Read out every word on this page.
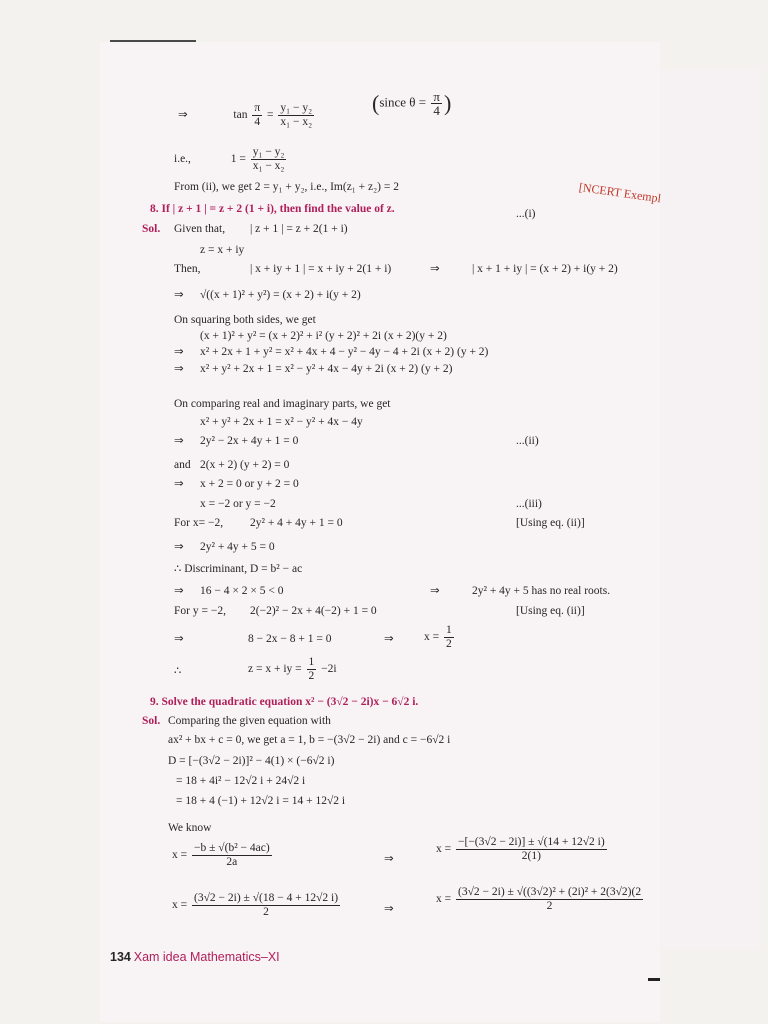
⇒	$\tan \frac{\pi}{4} = \frac{\text{y₁ − y₂}}{\text{x₁ − x₂}}$	(since $\theta = \frac{\pi}{4}$ )
i.e.,	$1 = \frac{\text{y₁ − y₂}}{\text{x₁ − x₂}}$
From (ii), we get 2 = y₁ + y₂, i.e., Im(z₁ + z₂) = 2	[NCERT Exempl
8. If | z + 1 | = z + 2 (1 + i), then find the value of z.	...(i)
Sol. Given that, | z + 1 | = z + 2(1 + i)
z = x + iy
Then,	| x + iy + 1 | = x + iy + 2(1 + i)	⇒	| x + 1 + iy | = (x + 2) + i(y + 2)
⇒ √((x + 1)² + y²) = (x + 2) + i(y + 2)
On squaring both sides, we get
(x + 1)² + y² = (x + 2)² + i² (y + 2)² + 2i (x + 2)(y + 2)
⇒ x² + 2x + 1 + y² = x² + 4x + 4 − y² − 4y − 4 + 2i (x + 2) (y + 2)
⇒ x² + y² + 2x + 1 = x² − y² + 4x − 4y + 2i (x + 2) (y + 2)
On comparing real and imaginary parts, we get
x² + y² + 2x + 1 = x² − y² + 4x − 4y
⇒ 2y² − 2x + 4y + 1 = 0	...(ii)
and 2(x + 2) (y + 2) = 0
⇒ x + 2 = 0 or y + 2 = 0
x = −2 or y = −2	...(iii)
For x= −2, 2y² + 4 + 4y + 1 = 0	[Using eq. (ii)]
⇒ 2y² + 4y + 5 = 0
∴ Discriminant, D = b² − ac
⇒ 16 − 4 × 2 × 5 < 0	⇒	2y² + 4y + 5 has no real roots.
For y = −2, 2(−2)² − 2x + 4(−2) + 1 = 0	[Using eq. (ii)]
⇒	8 − 2x − 8 + 1 = 0	⇒	$x = \frac{1}{2}$
∴	z = x + iy = $\frac{1}{2} -2i$
9. Solve the quadratic equation x² − (3√2 − 2i)x − 6√2 i.
Sol. Comparing the given equation with
ax² + bx + c = 0, we get a = 1, b = −(3√2 − 2i) and c = −6√2 i
D = [−(3√2 − 2i)]² − 4(1) × (−6√2 i)
= 18 + 4i² − 12√2 i + 24√2 i
= 18 + 4 (−1) + 12√2 i = 14 + 12√2 i
We know
$x = \frac{\text{−b ± √(b² − 4ac)}}{2a}$	⇒
$x = \frac{-[-(3√2 - 2i)] \pm √(14 + 12√2 i)}{2(1)}$
$x = \frac{(3√2 - 2i) \pm √(18 - 4 + 12√2 i)}{2}$	⇒
$x = \frac{\text{(3√2 − 2i) ± √((3√2)² + (2i)² + 2(3√2)(2}}{2}$
134 Xam idea Mathematics–XI
